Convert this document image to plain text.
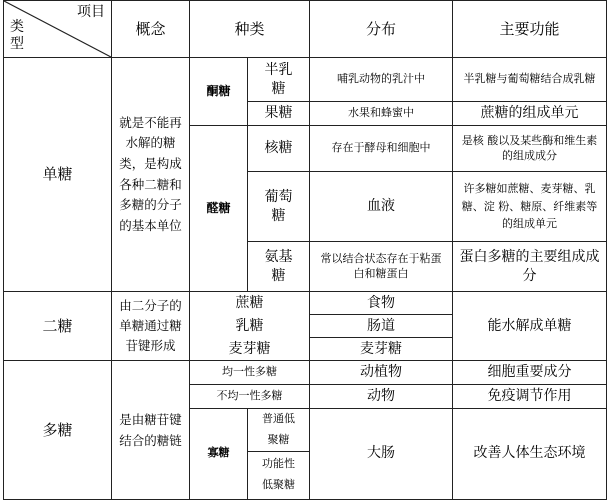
项目
类型	概念	种类		分布	主要功能
单糖	就是不能再水解的糖类，是构成各种二糖和多糖的分子的基本单位	酮糖	半乳糖	哺乳动物的乳汁中	半乳糖与葡萄糖结合成乳糖
			果糖	水果和蜂蜜中	蔗糖的组成单元
		醛糖	核糖	存在于酵母和细胞中	是核 酸以及某些酶和维生素的组成成分
			葡萄糖	血液	许多糖如蔗糖、麦芽糖、乳糖、淀 粉、糖原、纤维素等的组成单元
			氨基糖	常以结合状态存在于粘蛋白和糖蛋白	蛋白多糖的主要组成成分
二糖	由二分子的单糖通过糖苷键形成	蔗糖		食物	能水解成单糖
		乳糖		肠道	
		麦芽糖		麦芽糖	
多糖	是由糖苷键结合的糖链	均一性多糖		动植物	细胞重要成分
		不均一性多糖		动物	免疫调节作用
		寡糖	普通低聚糖	大肠	改善人体生态环境
			功能性低聚糖		
